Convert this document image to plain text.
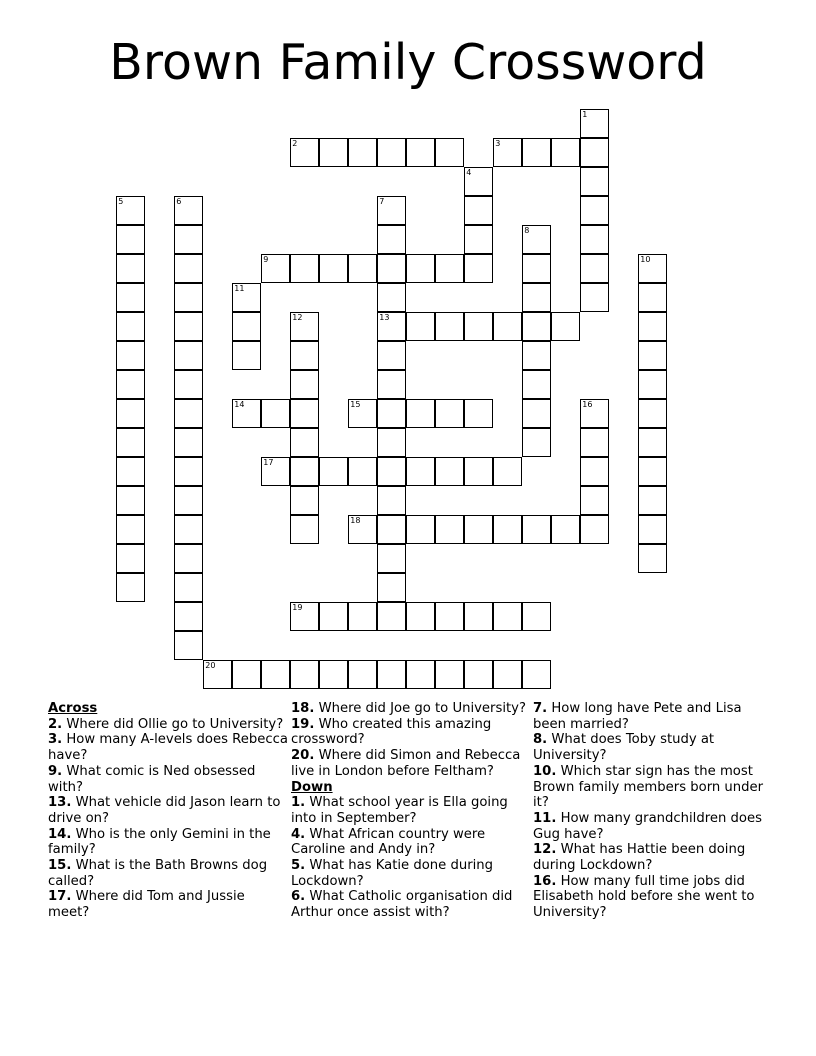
Brown Family Crossword
1
2	3
4
5	6	7
13
8
9	10
11
12
14	15	16
17
18
19
20

Across

2. Where did Ollie go to University?

3. How many A-levels does Rebecca have?

9. What comic is Ned obsessed with?

13. What vehicle did Jason learn to drive on?

14. Who is the only Gemini in the family?

15. What is the Bath Browns dog called?

17. Where did Tom and Jussie meet?

18. Where did Joe go to University?

19. Who created this amazing crossword?

20. Where did Simon and Rebecca live in London before Feltham?

Down

1. What school year is Ella going into in September?

4. What African country were Caroline and Andy in?

5. What has Katie done during Lockdown?

6. What Catholic organisation did Arthur once assist with?

7. How long have Pete and Lisa been married?

8. What does Toby study at University?

10. Which star sign has the most Brown family members born under it?

11. How many grandchildren does Gug have?

12. What has Hattie been doing during Lockdown?

16. How many full time jobs did Elisabeth hold before she went to University?
